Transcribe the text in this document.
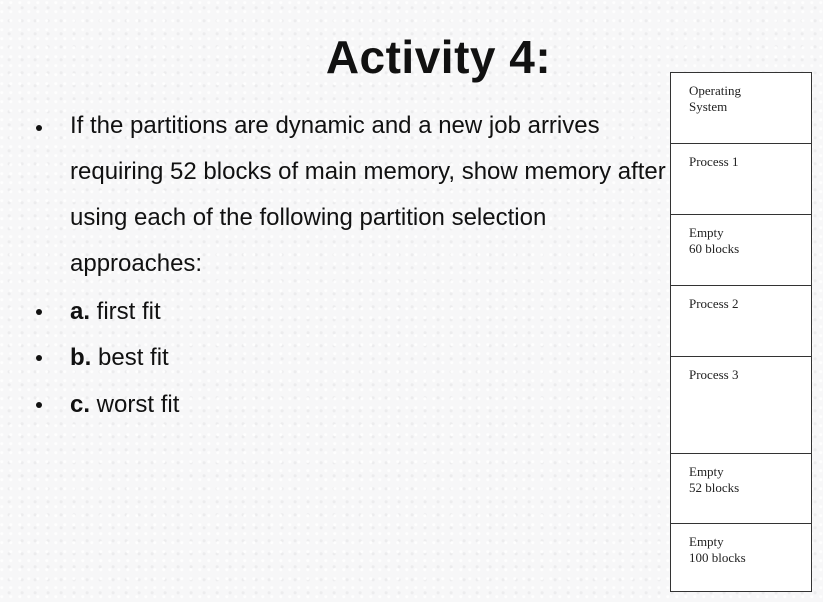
Activity 4:
If the partitions are dynamic and a new job arrives requiring 52 blocks of main memory, show memory after using each of the following partition selection approaches:
a. first fit
b. best fit
c. worst fit
Operating
System
Process 1
Empty
60 blocks
Process 2
Process 3
Empty
52 blocks
Empty
100 blocks
